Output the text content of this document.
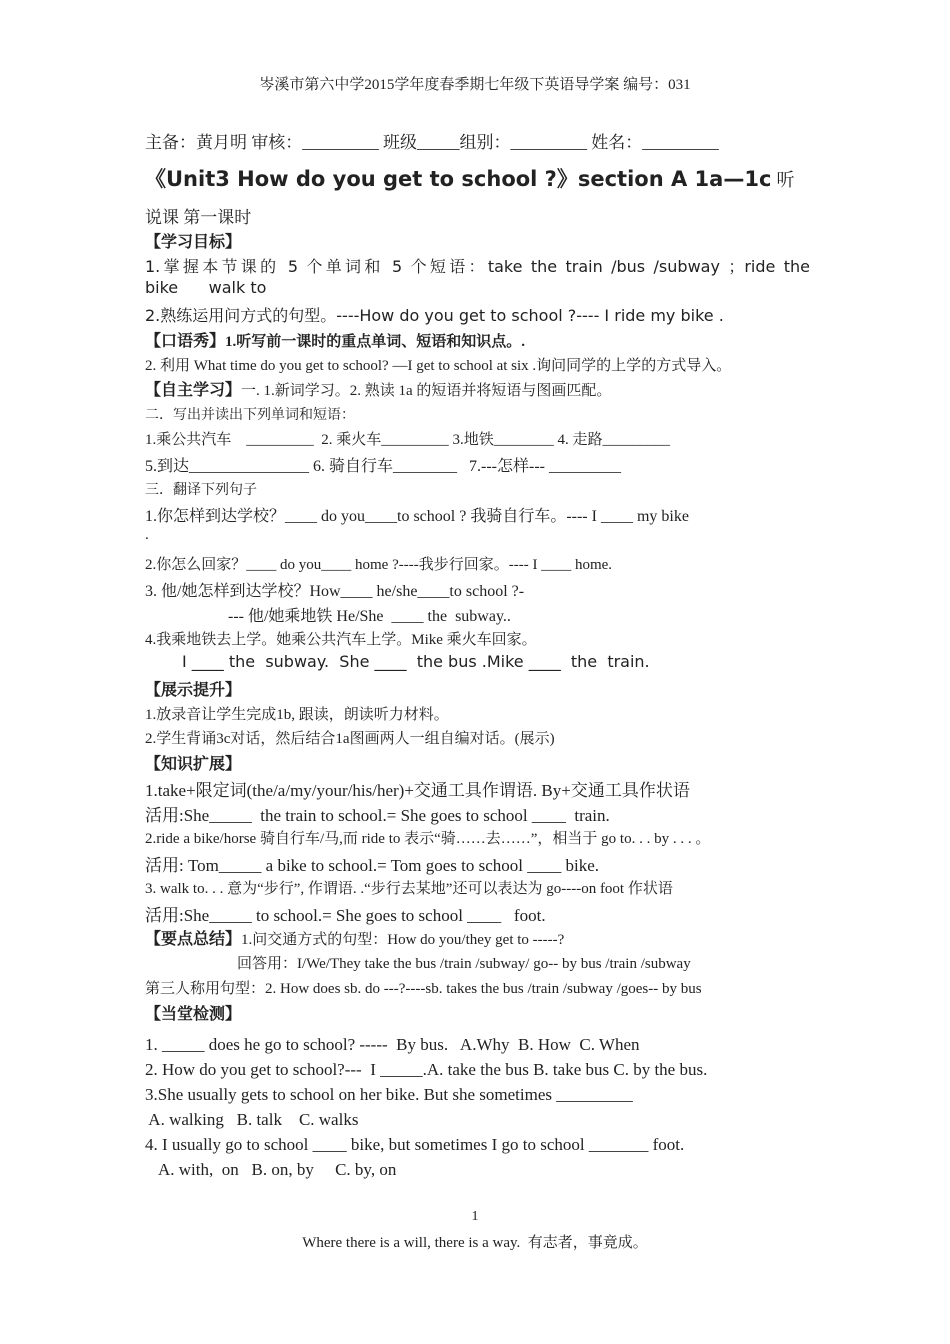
岑溪市第六中学2015学年度春季期七年级下英语导学案 编号：031
主备：黄月明 审核：_________ 班级_____组别：_________ 姓名：_________
《Unit3 How do you get to school ?》section A 1a—1c 听
说课 第一课时
【学习目标】
1.掌握本节课的 5 个单词和 5 个短语：take the train /bus /subway ；ride the
bike      walk to
2.熟练运用问方式的句型。----How do you get to school ?---- I ride my bike .
【口语秀】1.听写前一课时的重点单词、短语和知识点。.
2. 利用 What time do you get to school? —I get to school at six .询问同学的上学的方式导入。
【自主学习】一. 1.新词学习。2. 熟读 1a 的短语并将短语与图画匹配。
二．写出并读出下列单词和短语：
1.乘公共汽车    _________  2. 乘火车_________ 3.地铁________ 4. 走路_________
5.到达_______________ 6. 骑自行车________   7.---怎样--- _________
三．翻译下列句子
1.你怎样到达学校？____ do you____to school ? 我骑自行车。---- I ____ my bike
.
2.你怎么回家？____ do you____ home ?----我步行回家。---- I ____ home.
3. 他/她怎样到达学校？How____ he/she____to school ?-
--- 他/她乘地铁 He/She  ____ the  subway..
4.我乘地铁去上学。她乘公共汽车上学。Mike 乘火车回家。
I ____ the  subway.  She ____  the bus .Mike ____  the  train.
【展示提升】
1.放录音让学生完成1b, 跟读，朗读听力材料。
2.学生背诵3c对话，然后结合1a图画两人一组自编对话。(展示)
【知识扩展】
1.take+限定词(the/a/my/your/his/her)+交通工具作谓语. By+交通工具作状语
活用:She_____  the train to school.= She goes to school ____  train.
2.ride a bike/horse 骑自行车/马,而 ride to 表示“骑……去……”，相当于 go to. . . by . . . 。
活用: Tom_____ a bike to school.= Tom goes to school ____ bike.
3. walk to. . . 意为“步行”, 作谓语. .“步行去某地”还可以表达为 go----on foot 作状语
活用:She_____ to school.= She goes to school ____   foot.
【要点总结】1.问交通方式的句型：How do you/they get to -----?
回答用：I/We/They take the bus /train /subway/ go-- by bus /train /subway
第三人称用句型：2. How does sb. do ---?----sb. takes the bus /train /subway /goes-- by bus
【当堂检测】
1. _____ does he go to school? -----  By bus.   A.Why  B. How  C. When
2. How do you get to school?---  I _____.A. take the bus B. take bus C. by the bus.
3.She usually gets to school on her bike. But she sometimes _________
A. walking   B. talk    C. walks
4. I usually go to school ____ bike, but sometimes I go to school _______ foot.
A. with,  on   B. on, by     C. by, on
1
Where there is a will, there is a way.  有志者，事竟成。
